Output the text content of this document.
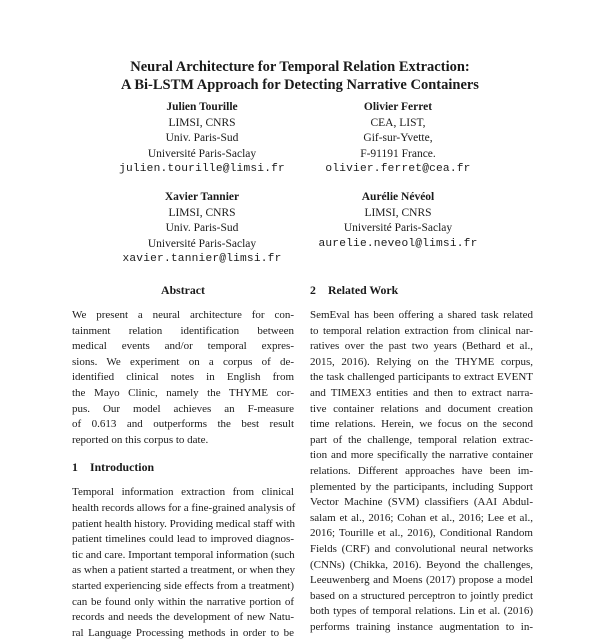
Neural Architecture for Temporal Relation Extraction:
A Bi-LSTM Approach for Detecting Narrative Containers
Julien Tourille
LIMSI, CNRS
Univ. Paris-Sud
Université Paris-Saclay
julien.tourille@limsi.fr
Olivier Ferret
CEA, LIST,
Gif-sur-Yvette,
F-91191 France.
olivier.ferret@cea.fr
Xavier Tannier
LIMSI, CNRS
Univ. Paris-Sud
Université Paris-Saclay
xavier.tannier@limsi.fr
Aurélie Névéol
LIMSI, CNRS
Université Paris-Saclay
aurelie.neveol@limsi.fr
Abstract
We present a neural architecture for con-
tainment relation identification between
medical events and/or temporal expres-
sions. We experiment on a corpus of de-
identified clinical notes in English from
the Mayo Clinic, namely the THYME cor-
pus. Our model achieves an F-measure
of 0.613 and outperforms the best result
reported on this corpus to date.
1 Introduction
Temporal information extraction from clinical
health records allows for a fine-grained analysis of
patient health history. Providing medical staff with
patient timelines could lead to improved diagnos-
tic and care. Important temporal information (such
as when a patient started a treatment, or when they
started experiencing side effects from a treatment)
can be found only within the narrative portion of
records and needs the development of new Natu-
ral Language Processing methods in order to be
2 Related Work
SemEval has been offering a shared task related
to temporal relation extraction from clinical nar-
ratives over the past two years (Bethard et al.,
2015, 2016). Relying on the THYME corpus,
the task challenged participants to extract EVENT
and TIMEX3 entities and then to extract narra-
tive container relations and document creation
time relations. Herein, we focus on the second
part of the challenge, temporal relation extrac-
tion and more specifically the narrative container
relations. Different approaches have been im-
plemented by the participants, including Support
Vector Machine (SVM) classifiers (AAI Abdul-
salam et al., 2016; Cohan et al., 2016; Lee et al.,
2016; Tourille et al., 2016), Conditional Random
Fields (CRF) and convolutional neural networks
(CNNs) (Chikka, 2016). Beyond the challenges,
Leeuwenberg and Moens (2017) propose a model
based on a structured perceptron to jointly predict
both types of temporal relations. Lin et al. (2016)
performs training instance augmentation to in-
